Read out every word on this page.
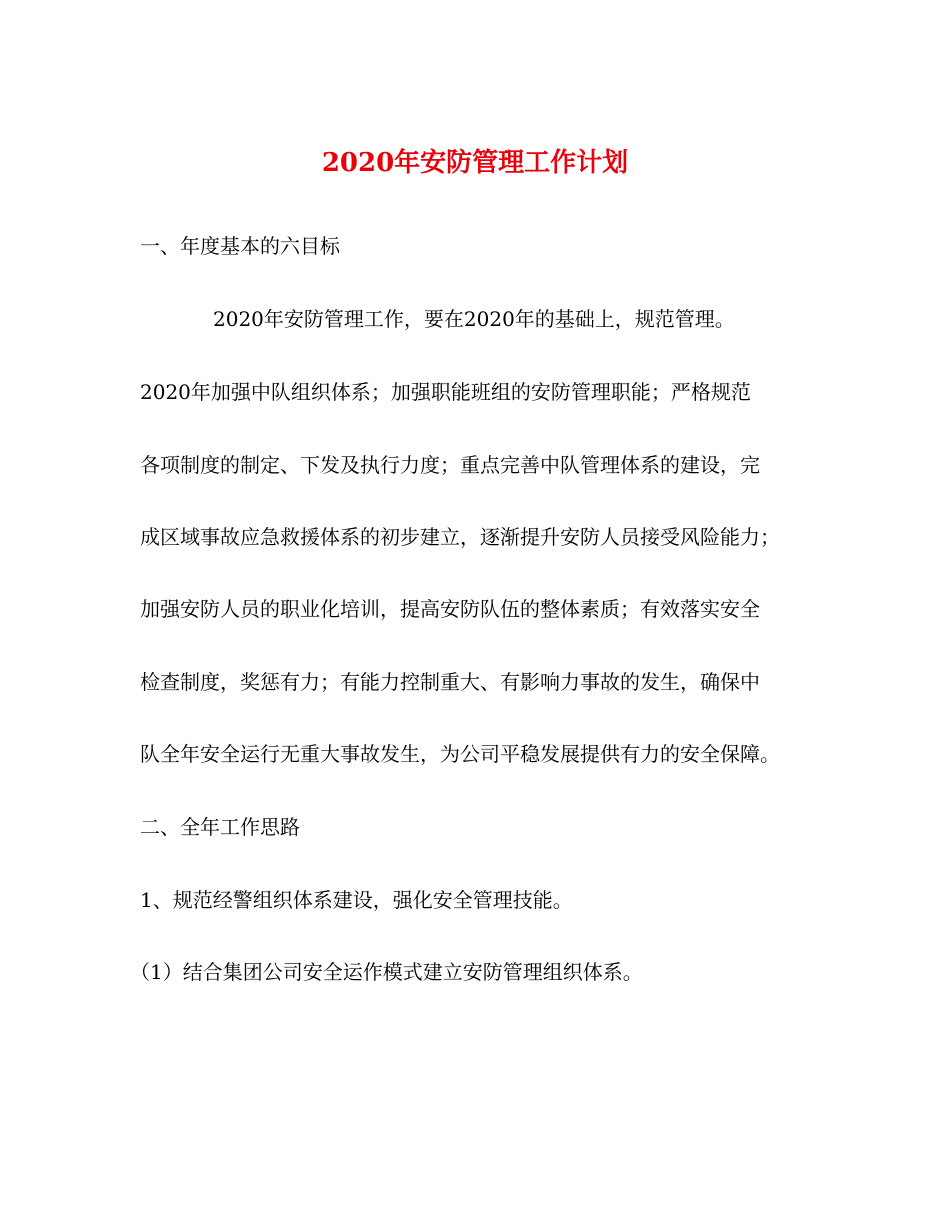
2020年安防管理工作计划
一、年度基本的六目标
2020年安防管理工作，要在2020年的基础上，规范管理。
2020年加强中队组织体系；加强职能班组的安防管理职能；严格规范
各项制度的制定、下发及执行力度；重点完善中队管理体系的建设，完
成区域事故应急救援体系的初步建立，逐渐提升安防人员接受风险能力；
加强安防人员的职业化培训，提高安防队伍的整体素质；有效落实安全
检查制度，奖惩有力；有能力控制重大、有影响力事故的发生，确保中
队全年安全运行无重大事故发生，为公司平稳发展提供有力的安全保障。
二、全年工作思路
1、规范经警组织体系建设，强化安全管理技能。
（1）结合集团公司安全运作模式建立安防管理组织体系。
